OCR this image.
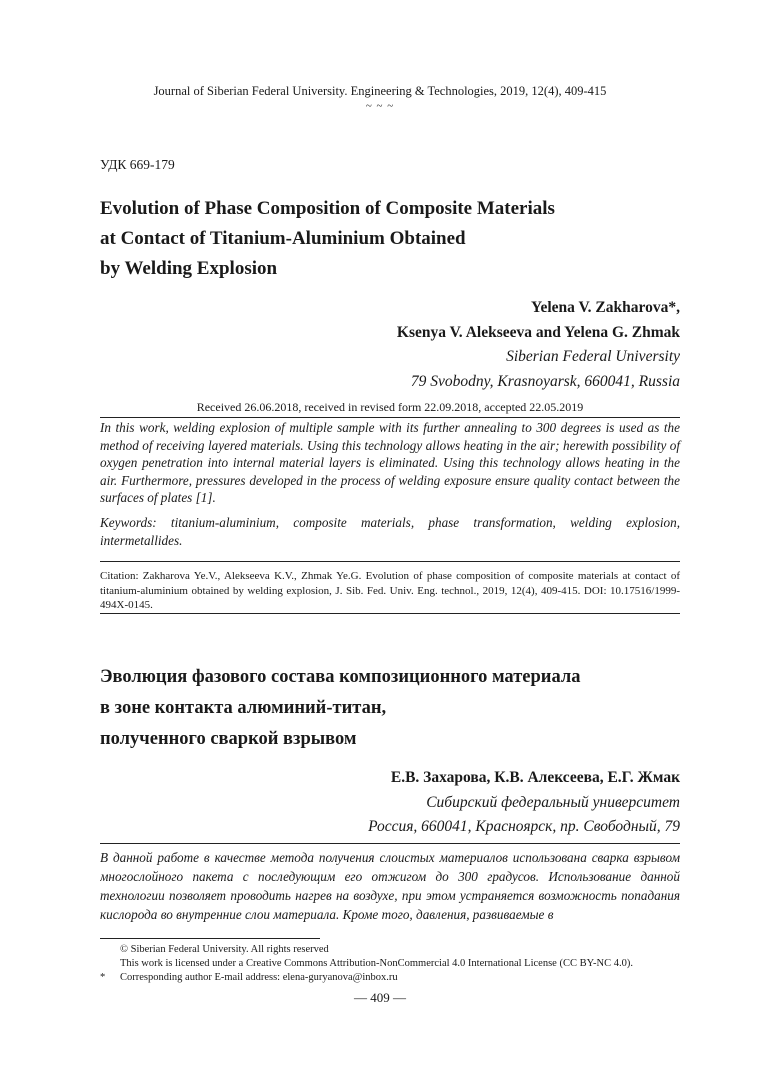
Journal of Siberian Federal University. Engineering & Technologies, 2019, 12(4), 409-415
~ ~ ~
УДК 669-179
Evolution of Phase Composition of Composite Materials
at Contact of Titanium-Aluminium Obtained
by Welding Explosion
Yelena V. Zakharova*,
Ksenya V. Alekseeva and Yelena G. Zhmak
Siberian Federal University
79 Svobodny, Krasnoyarsk, 660041, Russia
Received 26.06.2018, received in revised form 22.09.2018, accepted 22.05.2019
In this work, welding explosion of multiple sample with its further annealing to 300 degrees is used as the method of receiving layered materials. Using this technology allows heating in the air; herewith possibility of oxygen penetration into internal material layers is eliminated. Using this technology allows heating in the air. Furthermore, pressures developed in the process of welding exposure ensure quality contact between the surfaces of plates [1].
Keywords: titanium-aluminium, composite materials, phase transformation, welding explosion, intermetallides.
Citation: Zakharova Ye.V., Alekseeva K.V., Zhmak Ye.G. Evolution of phase composition of composite materials at contact of titanium-aluminium obtained by welding explosion, J. Sib. Fed. Univ. Eng. technol., 2019, 12(4), 409-415. DOI: 10.17516/1999-494X-0145.
Эволюция фазового состава композиционного материала
в зоне контакта алюминий-титан,
полученного сваркой взрывом
Е.В. Захарова, К.В. Алексеева, Е.Г. Жмак
Сибирский федеральный университет
Россия, 660041, Красноярск, пр. Свободный, 79
В данной работе в качестве метода получения слоистых материалов использована сварка взрывом многослойного пакета с последующим его отжигом до 300 градусов. Использование данной технологии позволяет проводить нагрев на воздухе, при этом устраняется возможность попадания кислорода во внутренние слои материала. Кроме того, давления, развиваемые в
© Siberian Federal University. All rights reserved
This work is licensed under a Creative Commons Attribution-NonCommercial 4.0 International License (CC BY-NC 4.0).
* Corresponding author E-mail address: elena-guryanova@inbox.ru
— 409 —
